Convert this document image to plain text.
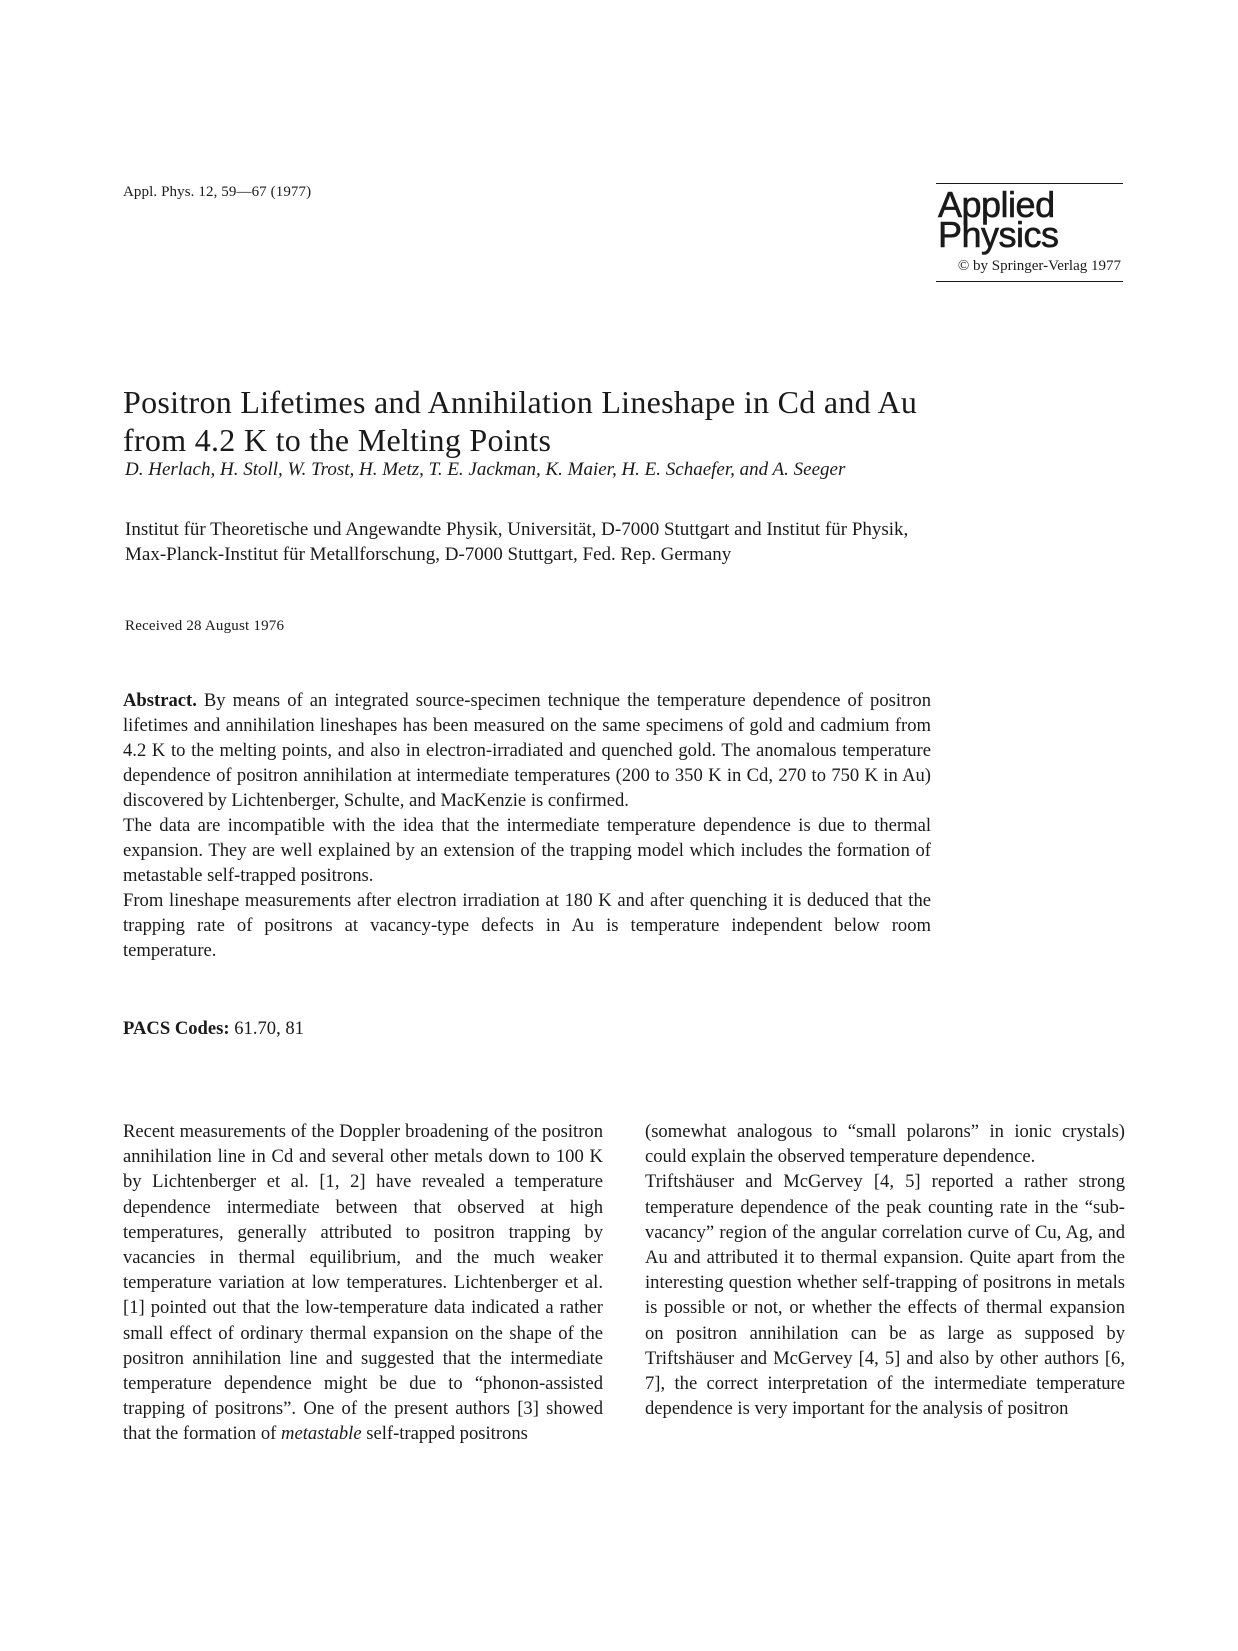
Appl. Phys. 12, 59—67 (1977)	Applied
Physics
© by Springer-Verlag 1977
Positron Lifetimes and Annihilation Lineshape in Cd and Au from 4.2 K to the Melting Points
D. Herlach, H. Stoll, W. Trost, H. Metz, T. E. Jackman, K. Maier, H. E. Schaefer, and A. Seeger
Institut für Theoretische und Angewandte Physik, Universität, D-7000 Stuttgart and Institut für Physik, Max-Planck-Institut für Metallforschung, D-7000 Stuttgart, Fed. Rep. Germany
Received 28 August 1976

Abstract. By means of an integrated source-specimen technique the temperature dependence of positron lifetimes and annihilation lineshapes has been measured on the same specimens of gold and cadmium from 4.2 K to the melting points, and also in electron-irradiated and quenched gold. The anomalous temperature dependence of positron annihilation at intermediate temperatures (200 to 350 K in Cd, 270 to 750 K in Au) discovered by Lichtenberger, Schulte, and MacKenzie is confirmed.

The data are incompatible with the idea that the intermediate temperature dependence is due to thermal expansion. They are well explained by an extension of the trapping model which includes the formation of metastable self-trapped positrons.

From lineshape measurements after electron irradiation at 180 K and after quenching it is deduced that the trapping rate of positrons at vacancy-type defects in Au is temperature independent below room temperature.

PACS Codes: 61.70, 81

Recent measurements of the Doppler broadening of the positron annihilation line in Cd and several other metals down to 100 K by Lichtenberger et al. [1, 2] have revealed a temperature dependence intermediate between that observed at high temperatures, generally attributed to positron trapping by vacancies in thermal equilibrium, and the much weaker temperature variation at low temperatures. Lichtenberger et al. [1] pointed out that the low-temperature data indicated a rather small effect of ordinary thermal expansion on the shape of the positron annihilation line and suggested that the intermediate temperature dependence might be due to “phonon-assisted trapping of positrons”. One of the present authors [3] showed that the formation of metastable self-trapped positrons

(somewhat analogous to “small polarons” in ionic crystals) could explain the observed temperature dependence.

Triftshäuser and McGervey [4, 5] reported a rather strong temperature dependence of the peak counting rate in the “sub-vacancy” region of the angular correlation curve of Cu, Ag, and Au and attributed it to thermal expansion. Quite apart from the interesting question whether self-trapping of positrons in metals is possible or not, or whether the effects of thermal expansion on positron annihilation can be as large as supposed by Triftshäuser and McGervey [4, 5] and also by other authors [6, 7], the correct interpretation of the intermediate temperature dependence is very important for the analysis of positron
